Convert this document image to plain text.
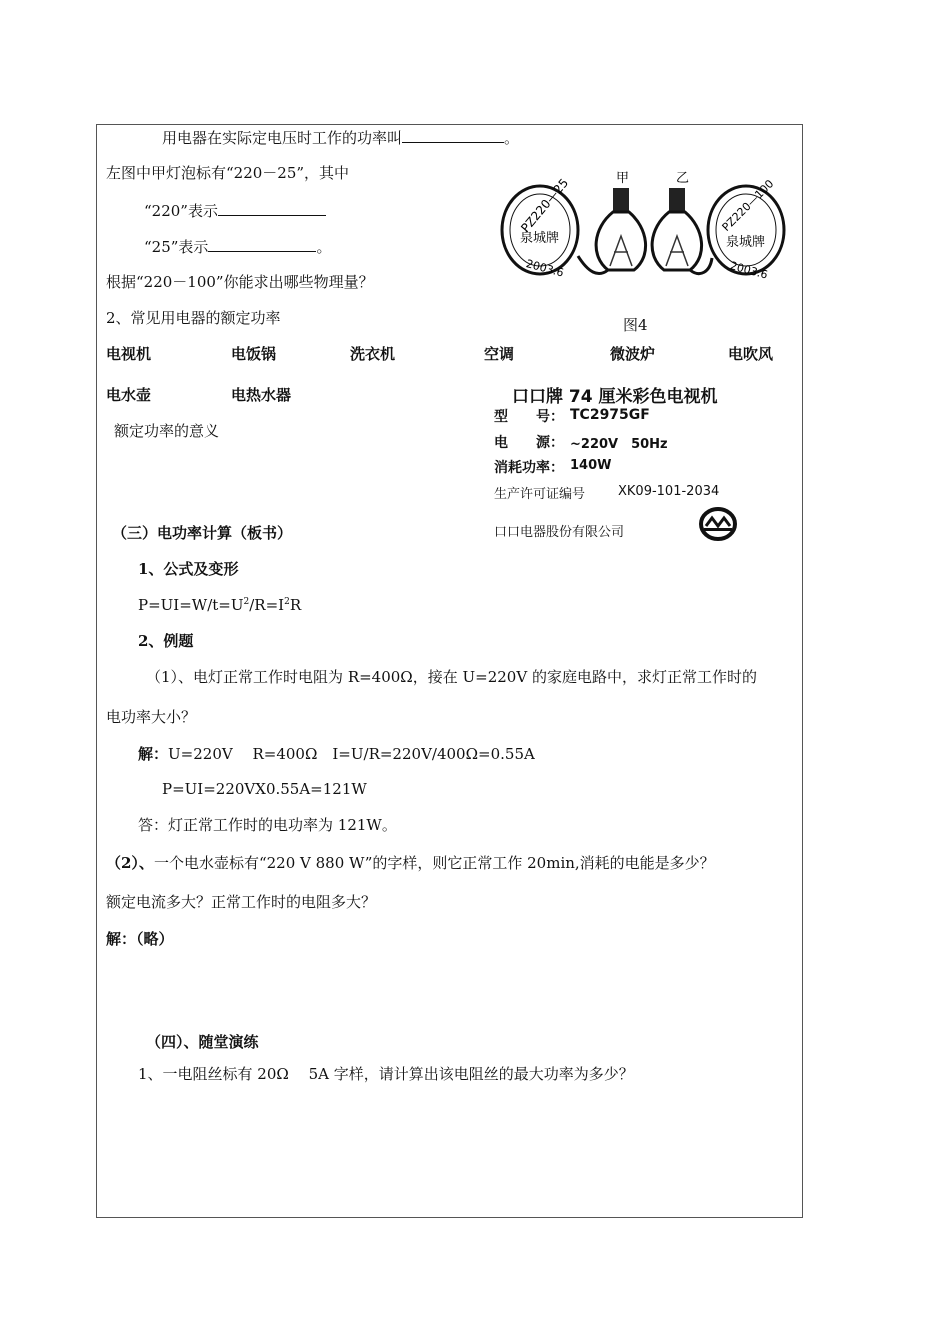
用电器在实际定电压时工作的功率叫	。
左图中甲灯泡标有“220－25”，其中
“220”表示
“25”表示	。
根据“220－100”你能求出哪些物理量？
2、常见用电器的额定功率
甲
PZ220—25
泉城牌
2003.6
乙	PZ220—100
泉城牌
2003.6
图4
电视机	电饭锅	洗衣机	空调	微波炉	电吹风
电水壶	电热水器
额定功率的意义
口口牌 74 厘米彩色电视机
型　　号： TC2975GF
电　　源： ~220V　50Hz
消耗功率： 140W
生产许可证编号	XK09-101-2034
口口电器股份有限公司
（三）电功率计算（板书）
1、公式及变形
$P=UI=W/t=U^2/R=I^2R$
2、例题
（1）、电灯正常工作时电阻为 R=400Ω，接在 U=220V 的家庭电路中，求灯正常工作时的
电功率大小？
解：U=220V　 R=400Ω　I=U/R=220V/400Ω=0.55A
P=UI=220VX0.55A=121W
答：灯正常工作时的电功率为 121W。
（2）、一个电水壶标有“220 V 880 W”的字样，则它正常工作 20min,消耗的电能是多少？
额定电流多大？正常工作时的电阻多大？
解：（略）
（四）、随堂演练
1、一电阻丝标有 20Ω　 5A 字样，请计算出该电阻丝的最大功率为多少？
